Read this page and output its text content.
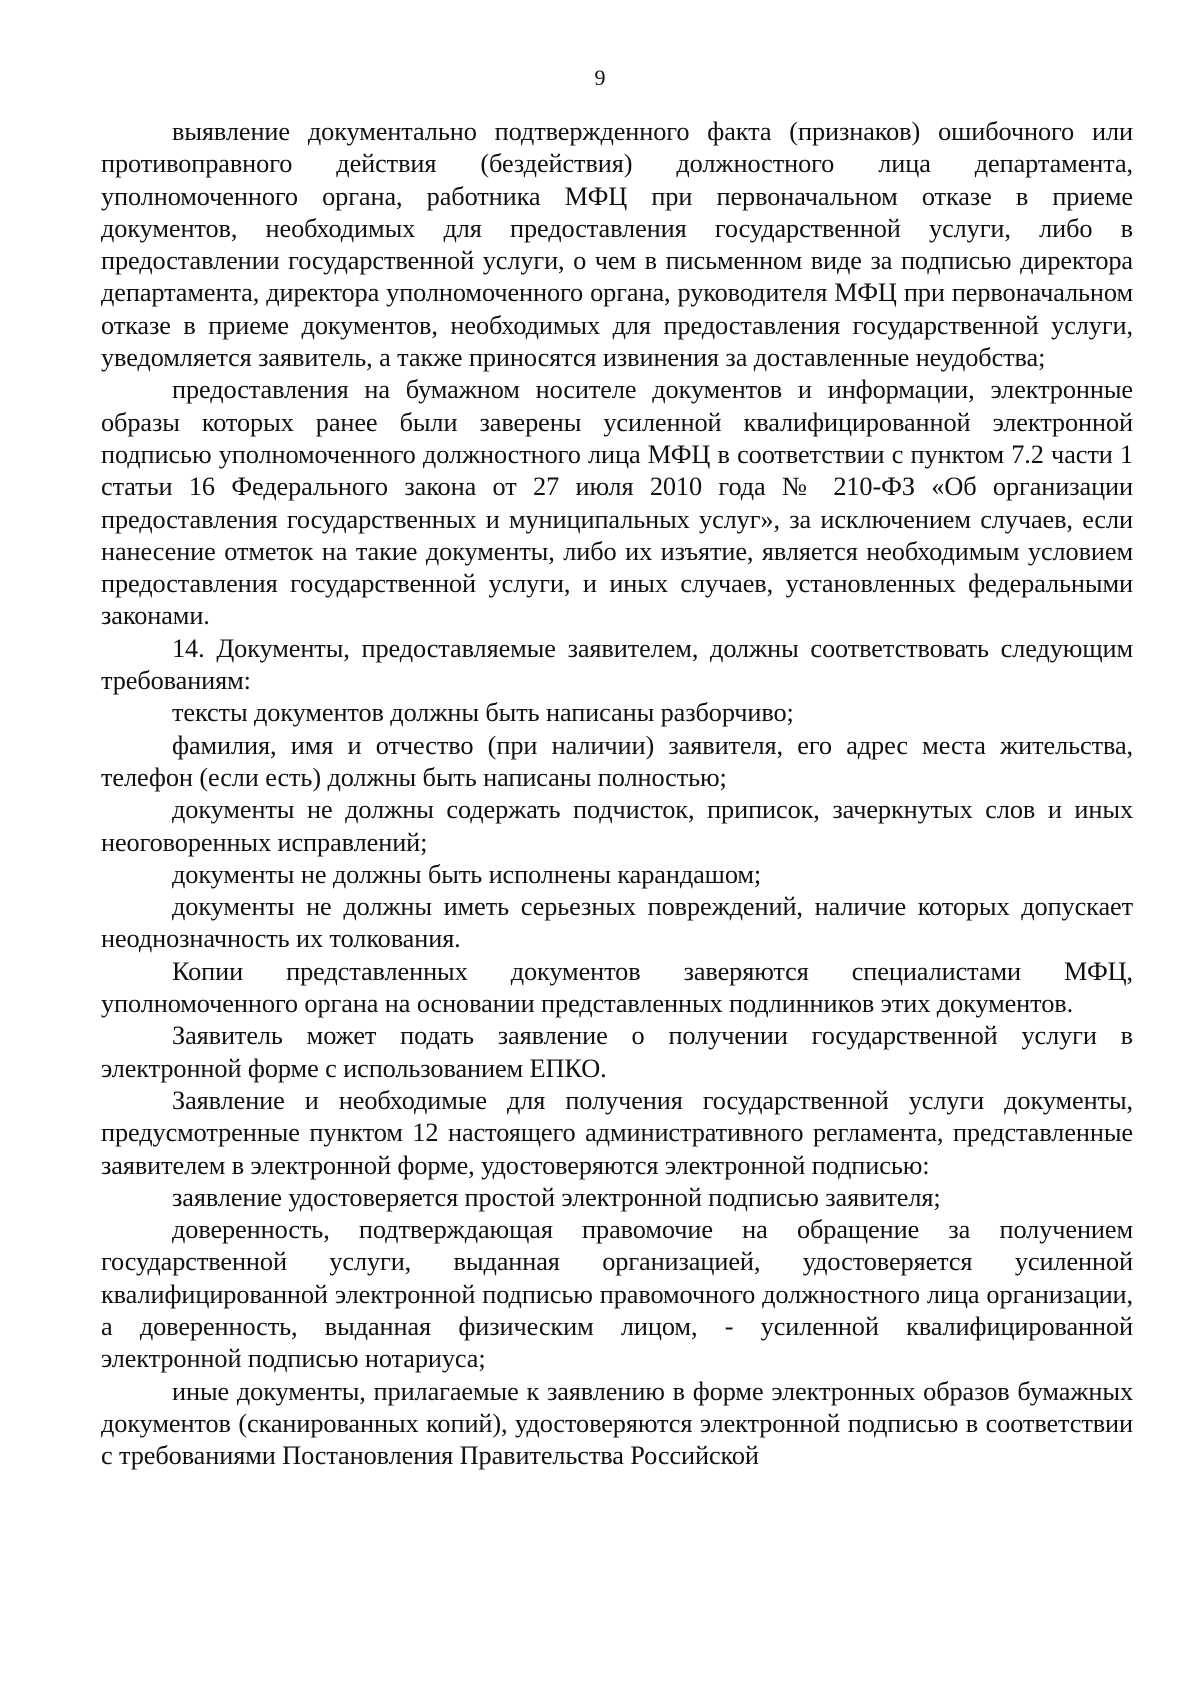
9

выявление документально подтвержденного факта (признаков) ошибочного или противоправного действия (бездействия) должностного лица департамента, уполномоченного органа, работника МФЦ при первоначальном отказе в приеме документов, необходимых для предоставления государственной услуги, либо в предоставлении государственной услуги, о чем в письменном виде за подписью директора департамента, директора уполномоченного органа, руководителя МФЦ при первоначальном отказе в приеме документов, необходимых для предоставления государственной услуги, уведомляется заявитель, а также приносятся извинения за доставленные неудобства;

предоставления на бумажном носителе документов и информации, электронные образы которых ранее были заверены усиленной квалифицированной электронной подписью уполномоченного должностного лица МФЦ в соответствии с пунктом 7.2 части 1 статьи 16 Федерального закона от 27 июля 2010 года № 210-ФЗ «Об организации предоставления государственных и муниципальных услуг», за исключением случаев, если нанесение отметок на такие документы, либо их изъятие, является необходимым условием предоставления государственной услуги, и иных случаев, установленных федеральными законами.

14. Документы, предоставляемые заявителем, должны соответствовать следующим требованиям:

тексты документов должны быть написаны разборчиво;

фамилия, имя и отчество (при наличии) заявителя, его адрес места жительства, телефон (если есть) должны быть написаны полностью;

документы не должны содержать подчисток, приписок, зачеркнутых слов и иных неоговоренных исправлений;

документы не должны быть исполнены карандашом;

документы не должны иметь серьезных повреждений, наличие которых допускает неоднозначность их толкования.

Копии представленных документов заверяются специалистами МФЦ, уполномоченного органа на основании представленных подлинников этих документов.

Заявитель может подать заявление о получении государственной услуги в электронной форме с использованием ЕПКО.

Заявление и необходимые для получения государственной услуги документы, предусмотренные пунктом 12 настоящего административного регламента, представленные заявителем в электронной форме, удостоверяются электронной подписью:

заявление удостоверяется простой электронной подписью заявителя;

доверенность, подтверждающая правомочие на обращение за получением государственной услуги, выданная организацией, удостоверяется усиленной квалифицированной электронной подписью правомочного должностного лица организации, а доверенность, выданная физическим лицом, - усиленной квалифицированной электронной подписью нотариуса;

иные документы, прилагаемые к заявлению в форме электронных образов бумажных документов (сканированных копий), удостоверяются электронной подписью в соответствии с требованиями Постановления Правительства Российской
